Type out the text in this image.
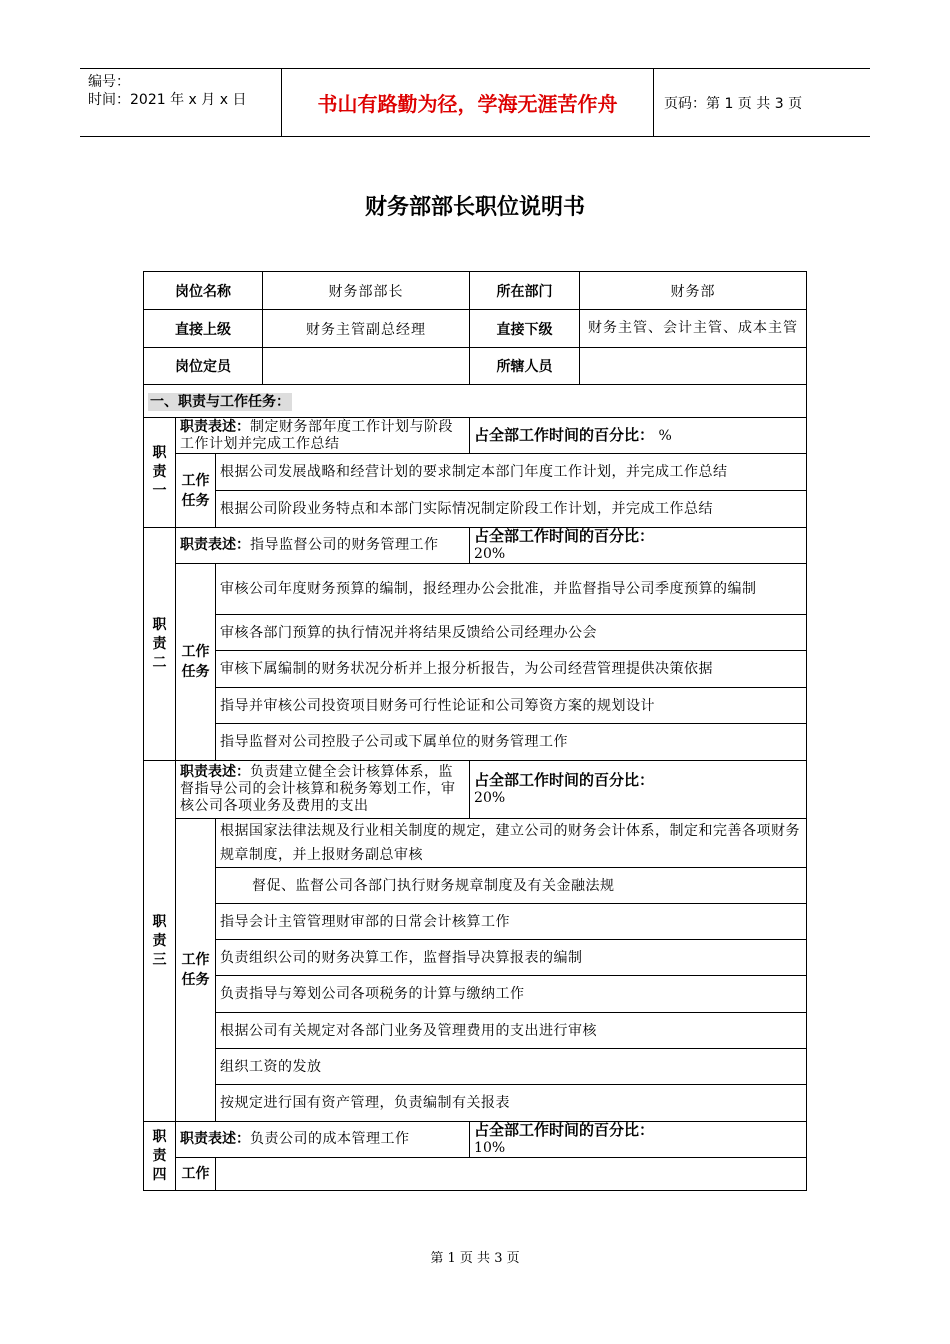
编号：
时间：2021 年 x 月 x 日	书山有路勤为径，学海无涯苦作舟	页码：第 1 页 共 3 页
财务部部长职位说明书
岗位名称			财务部部长	所在部门	财务部
直接上级			财务主管副总经理	直接下级	财务主管、会计主管、成本主管
岗位定员				所辖人员	
一、职责与工作任务：					

职责一	职责表述：制定财务部年度工作计划与阶段工作计划并完成工作总结			占全部工作时间的百分比： %	

	工作任务	根据公司发展战略和经营计划的要求制定本部门年度工作计划，并完成工作总结			
		根据公司阶段业务特点和本部门实际情况制定阶段工作计划，并完成工作总结			

职责二	职责表述：指导监督公司的财务管理工作			占全部工作时间的百分比：
20%	

	工作任务	审核公司年度财务预算的编制，报经理办公会批准，并监督指导公司季度预算的编制			
		审核各部门预算的执行情况并将结果反馈给公司经理办公会			
		审核下属编制的财务状况分析并上报分析报告，为公司经营管理提供决策依据			
		指导并审核公司投资项目财务可行性论证和公司筹资方案的规划设计			
		指导监督对公司控股子公司或下属单位的财务管理工作			

职责三	职责表述：负责建立健全会计核算体系，监督指导公司的会计核算和税务筹划工作，审核公司各项业务及费用的支出			占全部工作时间的百分比：
20%	

	工作任务	根据国家法律法规及行业相关制度的规定，建立公司的财务会计体系，制定和完善各项财务规章制度，并上报财务副总审核			
		督促、监督公司各部门执行财务规章制度及有关金融法规			
		指导会计主管管理财审部的日常会计核算工作			
		负责组织公司的财务决算工作，监督指导决算报表的编制			
		负责指导与筹划公司各项税务的计算与缴纳工作			
		根据公司有关规定对各部门业务及管理费用的支出进行审核			
		组织工资的发放			
		按规定进行国有资产管理，负责编制有关报表			

职责四	职责表述：负责公司的成本管理工作			占全部工作时间的百分比：
10%	

	工作				

第 1 页 共 3 页
